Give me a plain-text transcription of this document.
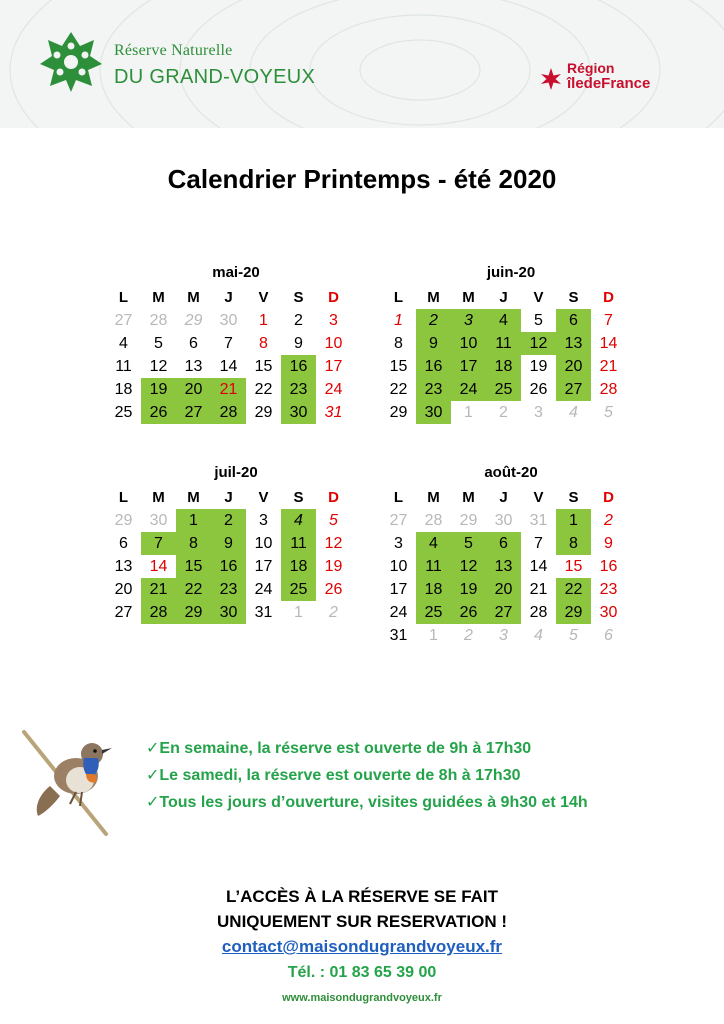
Réserve Naturelle
DU GRAND-VOYEUX	Région
îledeFrance
Calendrier Printemps - été 2020
mai-20
L	M	M	J	V	S	D
27	28	29	30	1	2	3
4	5	6	7	8	9	10
11	12	13	14	15	16	17
18	19	20	21	22	23	24
25	26	27	28	29	30	31
juin-20
L	M	M	J	V	S	D
1	2	3	4	5	6	7
8	9	10	11	12	13	14
15	16	17	18	19	20	21
22	23	24	25	26	27	28
29	30	1	2	3	4	5
juil-20
L	M	M	J	V	S	D
29	30	1	2	3	4	5
6	7	8	9	10	11	12
13	14	15	16	17	18	19
20	21	22	23	24	25	26
27	28	29	30	31	1	2
août-20
L	M	M	J	V	S	D
27	28	29	30	31	1	2
3	4	5	6	7	8	9
10	11	12	13	14	15	16
17	18	19	20	21	22	23
24	25	26	27	28	29	30
31	1	2	3	4	5	6
✓En semaine, la réserve est ouverte de 9h à 17h30
✓Le samedi, la réserve est ouverte de 8h à 17h30
✓Tous les jours d’ouverture, visites guidées à 9h30 et 14h
L’ACCÈS À LA RÉSERVE SE FAIT
UNIQUEMENT SUR RESERVATION !
contact@maisondugrandvoyeux.fr
Tél. : 01 83 65 39 00
www.maisondugrandvoyeux.fr
